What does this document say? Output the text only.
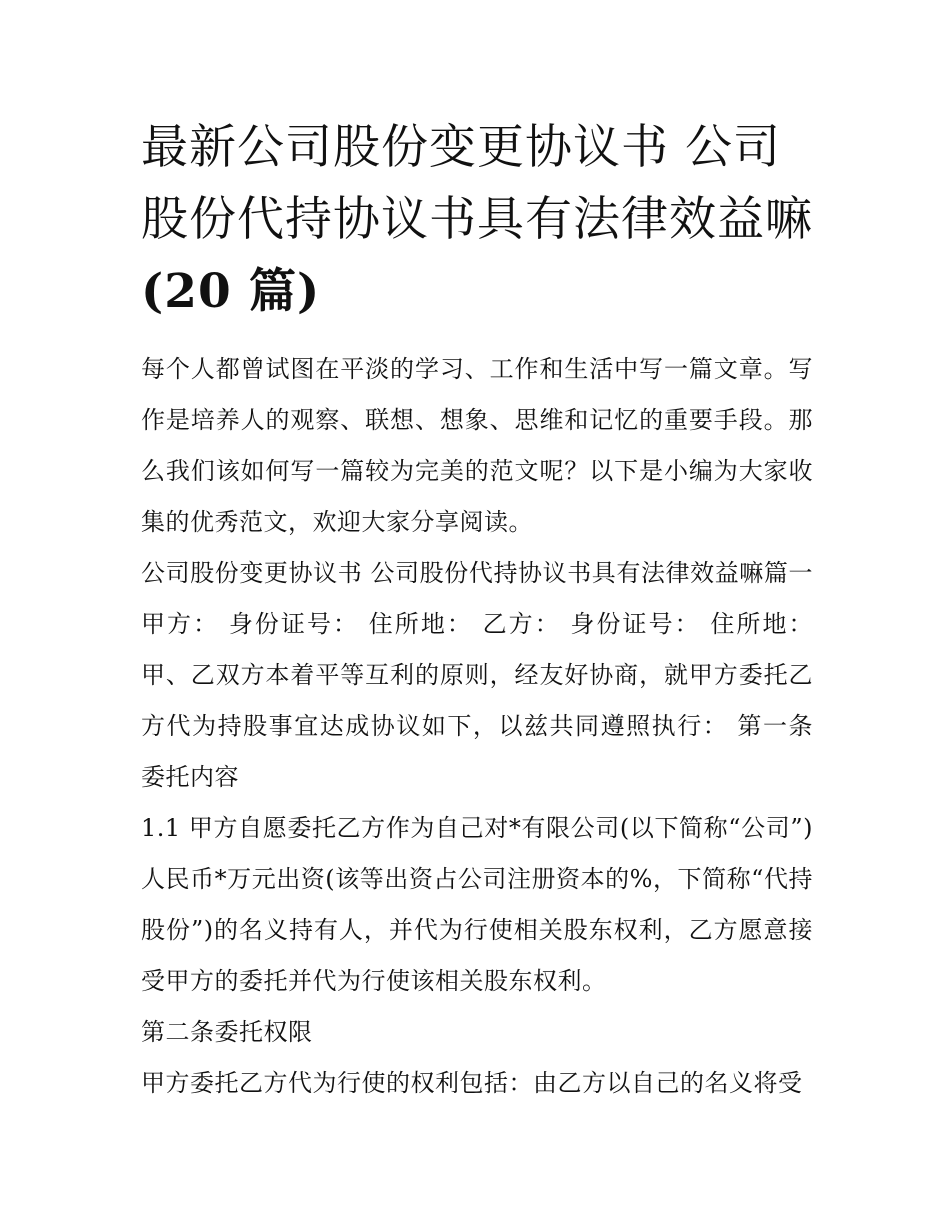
最新公司股份变更协议书 公司股份代持协议书具有法律效益嘛(20 篇)

每个人都曾试图在平淡的学习、工作和生活中写一篇文章。写作是培养人的观察、联想、想象、思维和记忆的重要手段。那么我们该如何写一篇较为完美的范文呢？以下是小编为大家收集的优秀范文，欢迎大家分享阅读。

公司股份变更协议书 公司股份代持协议书具有法律效益嘛篇一 甲方： 身份证号： 住所地： 乙方： 身份证号： 住所地： 甲、乙双方本着平等互利的原则，经友好协商，就甲方委托乙方代为持股事宜达成协议如下，以兹共同遵照执行： 第一条 委托内容

1.1 甲方自愿委托乙方作为自己对*有限公司(以下简称“公司”)人民币*万元出资(该等出资占公司注册资本的%，下简称“代持股份”)的名义持有人，并代为行使相关股东权利，乙方愿意接受甲方的委托并代为行使该相关股东权利。

第二条委托权限

甲方委托乙方代为行使的权利包括：由乙方以自己的名义将受
